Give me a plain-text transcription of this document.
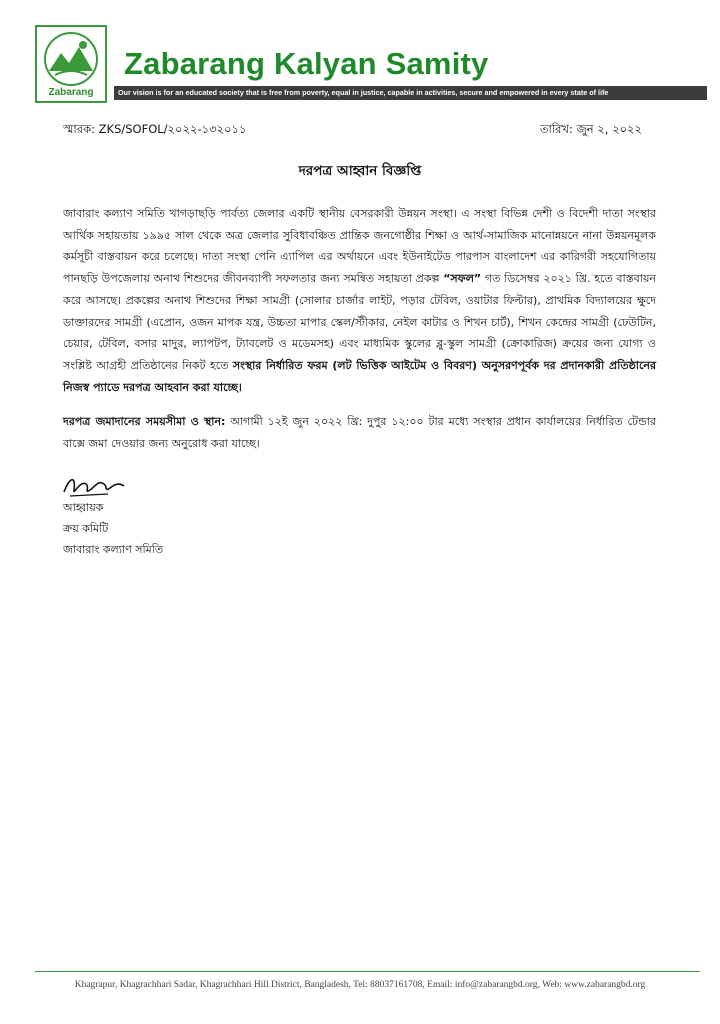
Zabarang
Zabarang Kalyan Samity
Our vision is for an educated society that is free from poverty, equal in justice, capable in activities, secure and empowered in every state of life
স্মারক: ZKS/SOFOL/২০২২-১৩২০১১	তারিখ: জুন ২, ২০২২
দরপত্র আহ্বান বিজ্ঞপ্তি
জাবারাং কল্যাণ সমিতি খাগড়াছড়ি পার্বত্য জেলার একটি স্থানীয় বেসরকারী উন্নয়ন সংস্থা। এ সংস্থা বিভিন্ন দেশী ও বিদেশী দাতা সংস্থার আর্থিক সহায়তায় ১৯৯৫ সাল থেকে অত্র জেলার সুবিধাবঞ্চিত প্রান্তিক জনগোষ্ঠীর শিক্ষা ও আর্থ-সামাজিক মানোন্নয়নে নানা উন্নয়নমূলক কর্মসূচী বাস্তবায়ন করে চলেছে। দাতা সংস্থা পেনি এ্যাপিল এর অর্থায়নে এবং ইউনাইটেড পারপাস বাংলাদেশ এর কারিগরী সহযোগিতায় পানছড়ি উপজেলায় অনাথ শিশুদের জীবনব্যাপী সফলতার জন্য সমন্বিত সহায়তা প্রকল্প “সফল” গত ডিসেম্বর ২০২১ খ্রি. হতে বাস্তবায়ন করে আসছে। প্রকল্পের অনাথ শিশুদের শিক্ষা সামগ্রী (সোলার চার্জার লাইট, পড়ার টেবিল, ওয়াটার ফিল্টার), প্রাথমিক বিদ্যালয়ের ক্ষুদে ডাক্তারদের সামগ্রী (এপ্রোন, ওজন মাপক যন্ত্র, উচ্চতা মাপার স্কেল/স্টীকার, নেইল কাটার ও শিখন চার্ট), শিখন কেন্দ্রের সামগ্রী (ঢেউটিন, চেয়ার, টেবিল, বসার মাদুর, ল্যাপটপ, ট্যাবলেট ও মডেমসহ) এবং মাধ্যমিক স্কুলের ব্লু-স্কুল সামগ্রী (ক্রোকারিজ) ক্রয়ের জন্য যোগ্য ও সংশ্লিষ্ট আগ্রহী প্রতিষ্ঠানের নিকট হতে সংস্থার নির্ধারিত ফরম (লট ভিত্তিক আইটেম ও বিবরণ) অনুসরণপূর্বক দর প্রদানকারী প্রতিষ্ঠানের নিজস্ব প্যাডে দরপত্র আহবান করা যাচ্ছে।
দরপত্র জমাদানের সময়সীমা ও স্থান: আগামী ১২ই জুন ২০২২ খ্রি: দুপুর ১২:০০ টার মধ্যে সংস্থার প্রধান কার্যালয়ের নির্ধারিত টেন্ডার বাক্সে জমা দেওয়ার জন্য অনুরোধ করা যাচ্ছে।
আহ্বায়ক
ক্রয় কমিটি
জাবারাং কল্যাণ সমিতি
Khagrapur, Khagrachhari Sadar, Khagrachhari Hill District, Bangladesh, Tel: 88037161708, Email: info@zabarangbd.org, Web: www.zabarangbd.org
